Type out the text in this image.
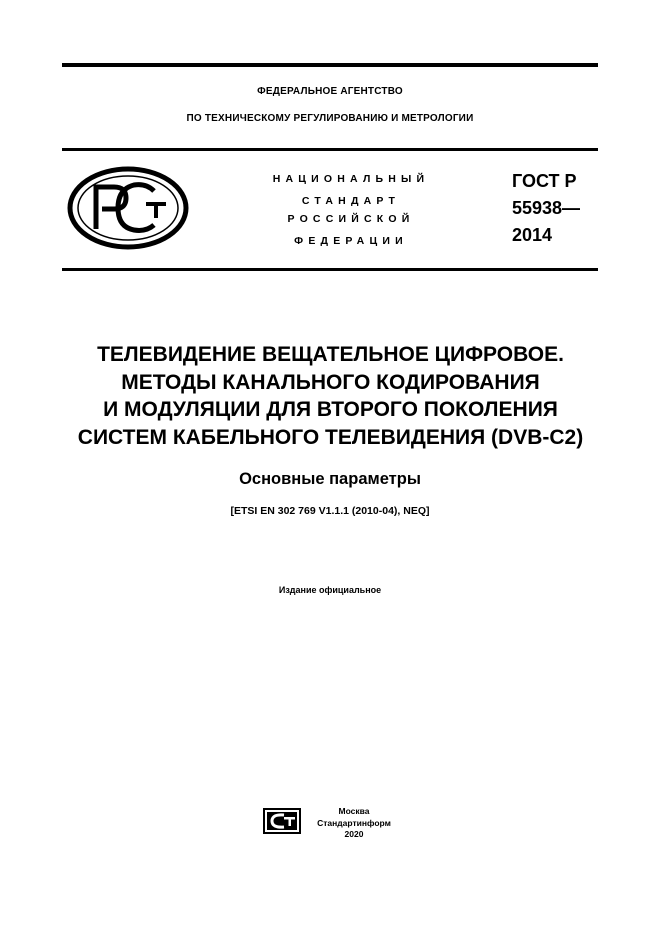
ФЕДЕРАЛЬНОЕ АГЕНТСТВО
ПО ТЕХНИЧЕСКОМУ РЕГУЛИРОВАНИЮ И МЕТРОЛОГИИ
НАЦИОНАЛЬНЫЙ
СТАНДАРТ
РОССИЙСКОЙ
ФЕДЕРАЦИИ
ГОСТ Р
55938—
2014
ТЕЛЕВИДЕНИЕ ВЕЩАТЕЛЬНОЕ ЦИФРОВОЕ.
МЕТОДЫ КАНАЛЬНОГО КОДИРОВАНИЯ
И МОДУЛЯЦИИ ДЛЯ ВТОРОГО ПОКОЛЕНИЯ
СИСТЕМ КАБЕЛЬНОГО ТЕЛЕВИДЕНИЯ (DVB-C2)
Основные параметры
[ETSI EN 302 769 V1.1.1 (2010-04), NEQ]
Издание официальное
Москва
Стандартинформ
2020
